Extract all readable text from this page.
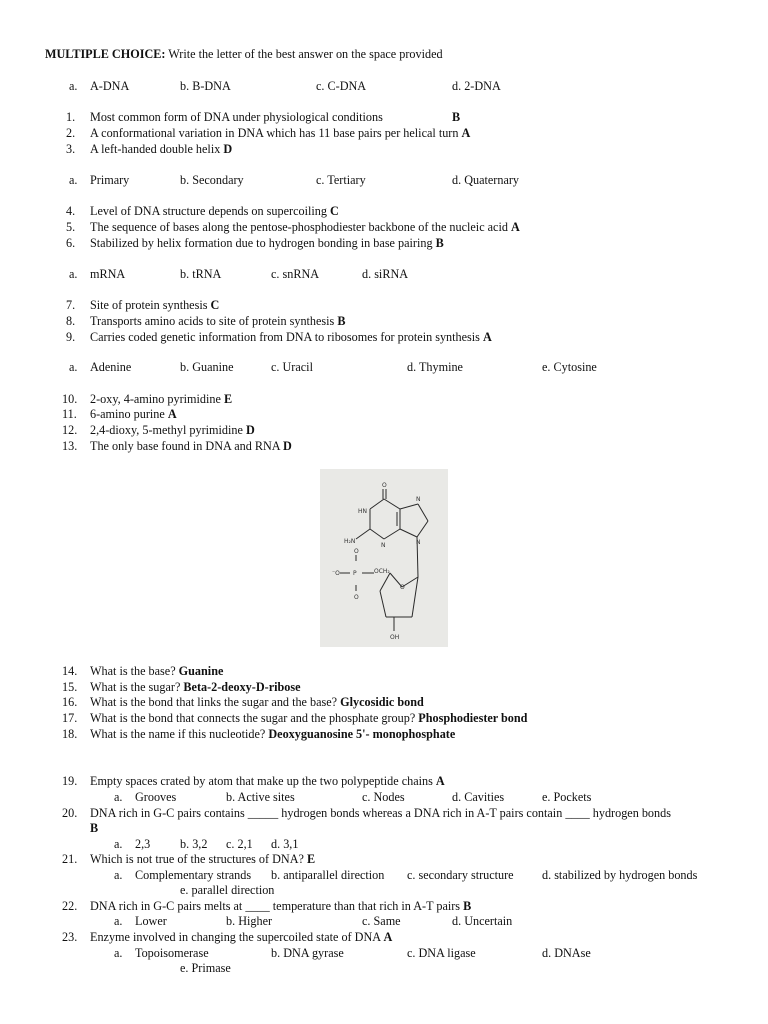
MULTIPLE CHOICE: Write the letter of the best answer on the space provided
a. A-DNA	b. B-DNA	c. C-DNA	d. 2-DNA
1.	Most common form of DNA under physiological conditions	B
2.	A conformational variation in DNA which has 11 base pairs per helical turn A
3.	A left-handed double helix D
a. Primary	b. Secondary	c. Tertiary	d. Quaternary
4.	Level of DNA structure depends on supercoiling C
5.	The sequence of bases along the pentose-phosphodiester backbone of the nucleic acid A
6.	Stabilized by helix formation due to hydrogen bonding in base pairing B
a. mRNA	b. tRNA	c. snRNA	d. siRNA
7.	Site of protein synthesis C
8.	Transports amino acids to site of protein synthesis B
9.	Carries coded genetic information from DNA to ribosomes for protein synthesis A
a. Adenine	b. Guanine	c. Uracil	d. Thymine	e. Cytosine
10.	2-oxy, 4-amino pyrimidine E
11.	6-amino purine A
12.	2,4-dioxy, 5-methyl pyrimidine D
13.	The only base found in DNA and RNA D
O
HN
N
H₂N
N
N
O
OCH₂
⁻O P
O
O
OH
14.	What is the base? Guanine
15.	What is the sugar? Beta-2-deoxy-D-ribose
16.	What is the bond that links the sugar and the base? Glycosidic bond
17.	What is the bond that connects the sugar and the phosphate group? Phosphodiester bond
18.	What is the name if this nucleotide? Deoxyguanosine 5'- monophosphate
19.	Empty spaces crated by atom that make up the two polypeptide chains A
a. Grooves	b. Active sites	c. Nodes	d. Cavities	e. Pockets
20.	DNA rich in G-C pairs contains _____ hydrogen bonds whereas a DNA rich in A-T pairs contain ____ hydrogen bonds
B
a. 2,3 b. 3,2 c. 2,1 d. 3,1
21.	Which is not true of the structures of DNA? E
a. Complementary strands b. antiparallel direction c. secondary structure d. stabilized by hydrogen bonds
e. parallel direction
22.	DNA rich in G-C pairs melts at ____ temperature than that rich in A-T pairs B
a. Lower	b. Higher	c. Same	d. Uncertain
23.	Enzyme involved in changing the supercoiled state of DNA A
a. Topoisomerase	b. DNA gyrase	c. DNA ligase	d. DNAse
e. Primase
